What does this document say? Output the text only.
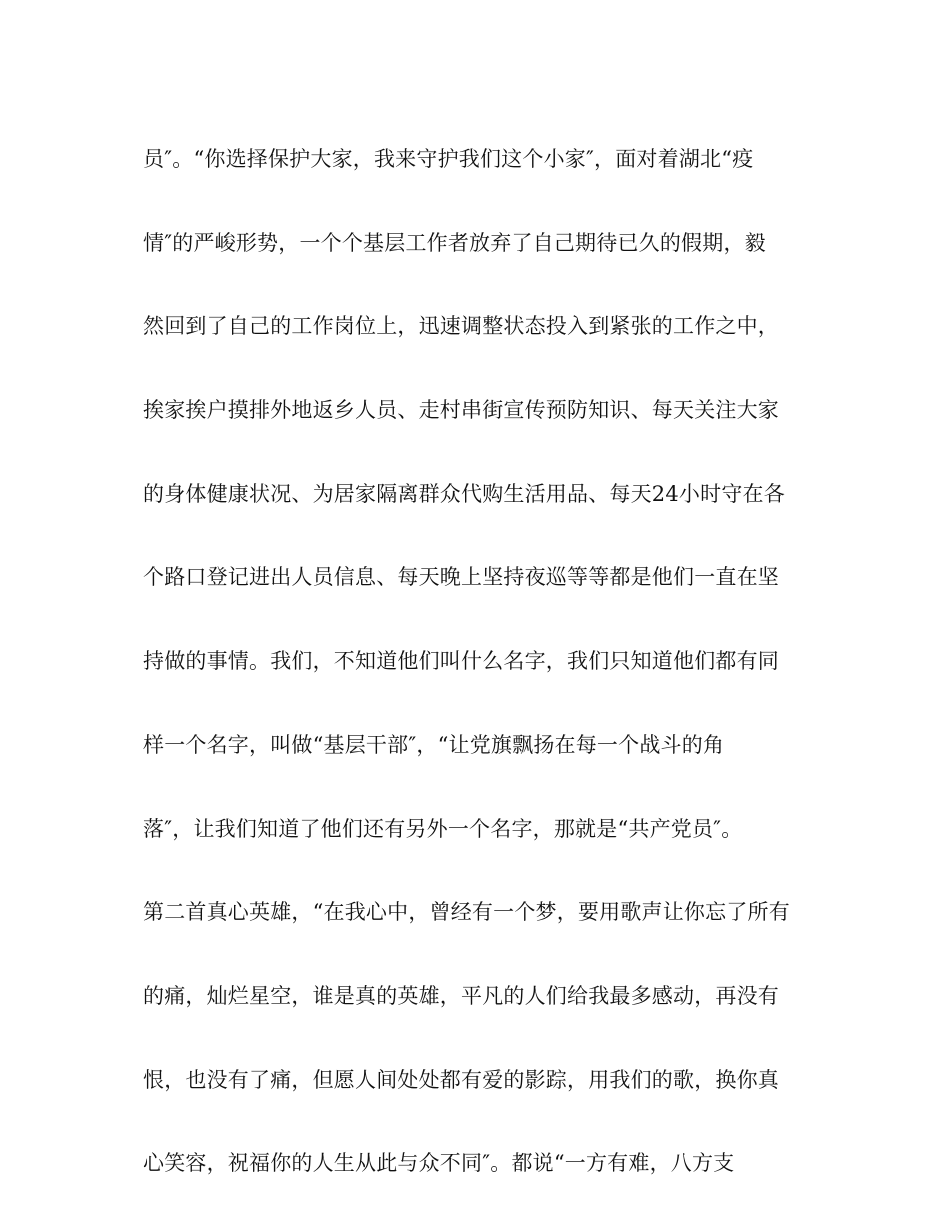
员″。“你选择保护大家，我来守护我们这个小家″，面对着湖北“疫
情″的严峻形势，一个个基层工作者放弃了自己期待已久的假期，毅
然回到了自己的工作岗位上，迅速调整状态投入到紧张的工作之中，
挨家挨户摸排外地返乡人员、走村串街宣传预防知识、每天关注大家
的身体健康状况、为居家隔离群众代购生活用品、每天24小时守在各
个路口登记进出人员信息、每天晚上坚持夜巡等等都是他们一直在坚
持做的事情。我们，不知道他们叫什么名字，我们只知道他们都有同
样一个名字，叫做“基层干部″，“让党旗飘扬在每一个战斗的角
落″，让我们知道了他们还有另外一个名字，那就是“共产党员″。
第二首真心英雄，“在我心中，曾经有一个梦，要用歌声让你忘了所有
的痛，灿烂星空，谁是真的英雄，平凡的人们给我最多感动，再没有
恨，也没有了痛，但愿人间处处都有爱的影踪，用我们的歌，换你真
心笑容，祝福你的人生从此与众不同″。都说“一方有难，八方支
